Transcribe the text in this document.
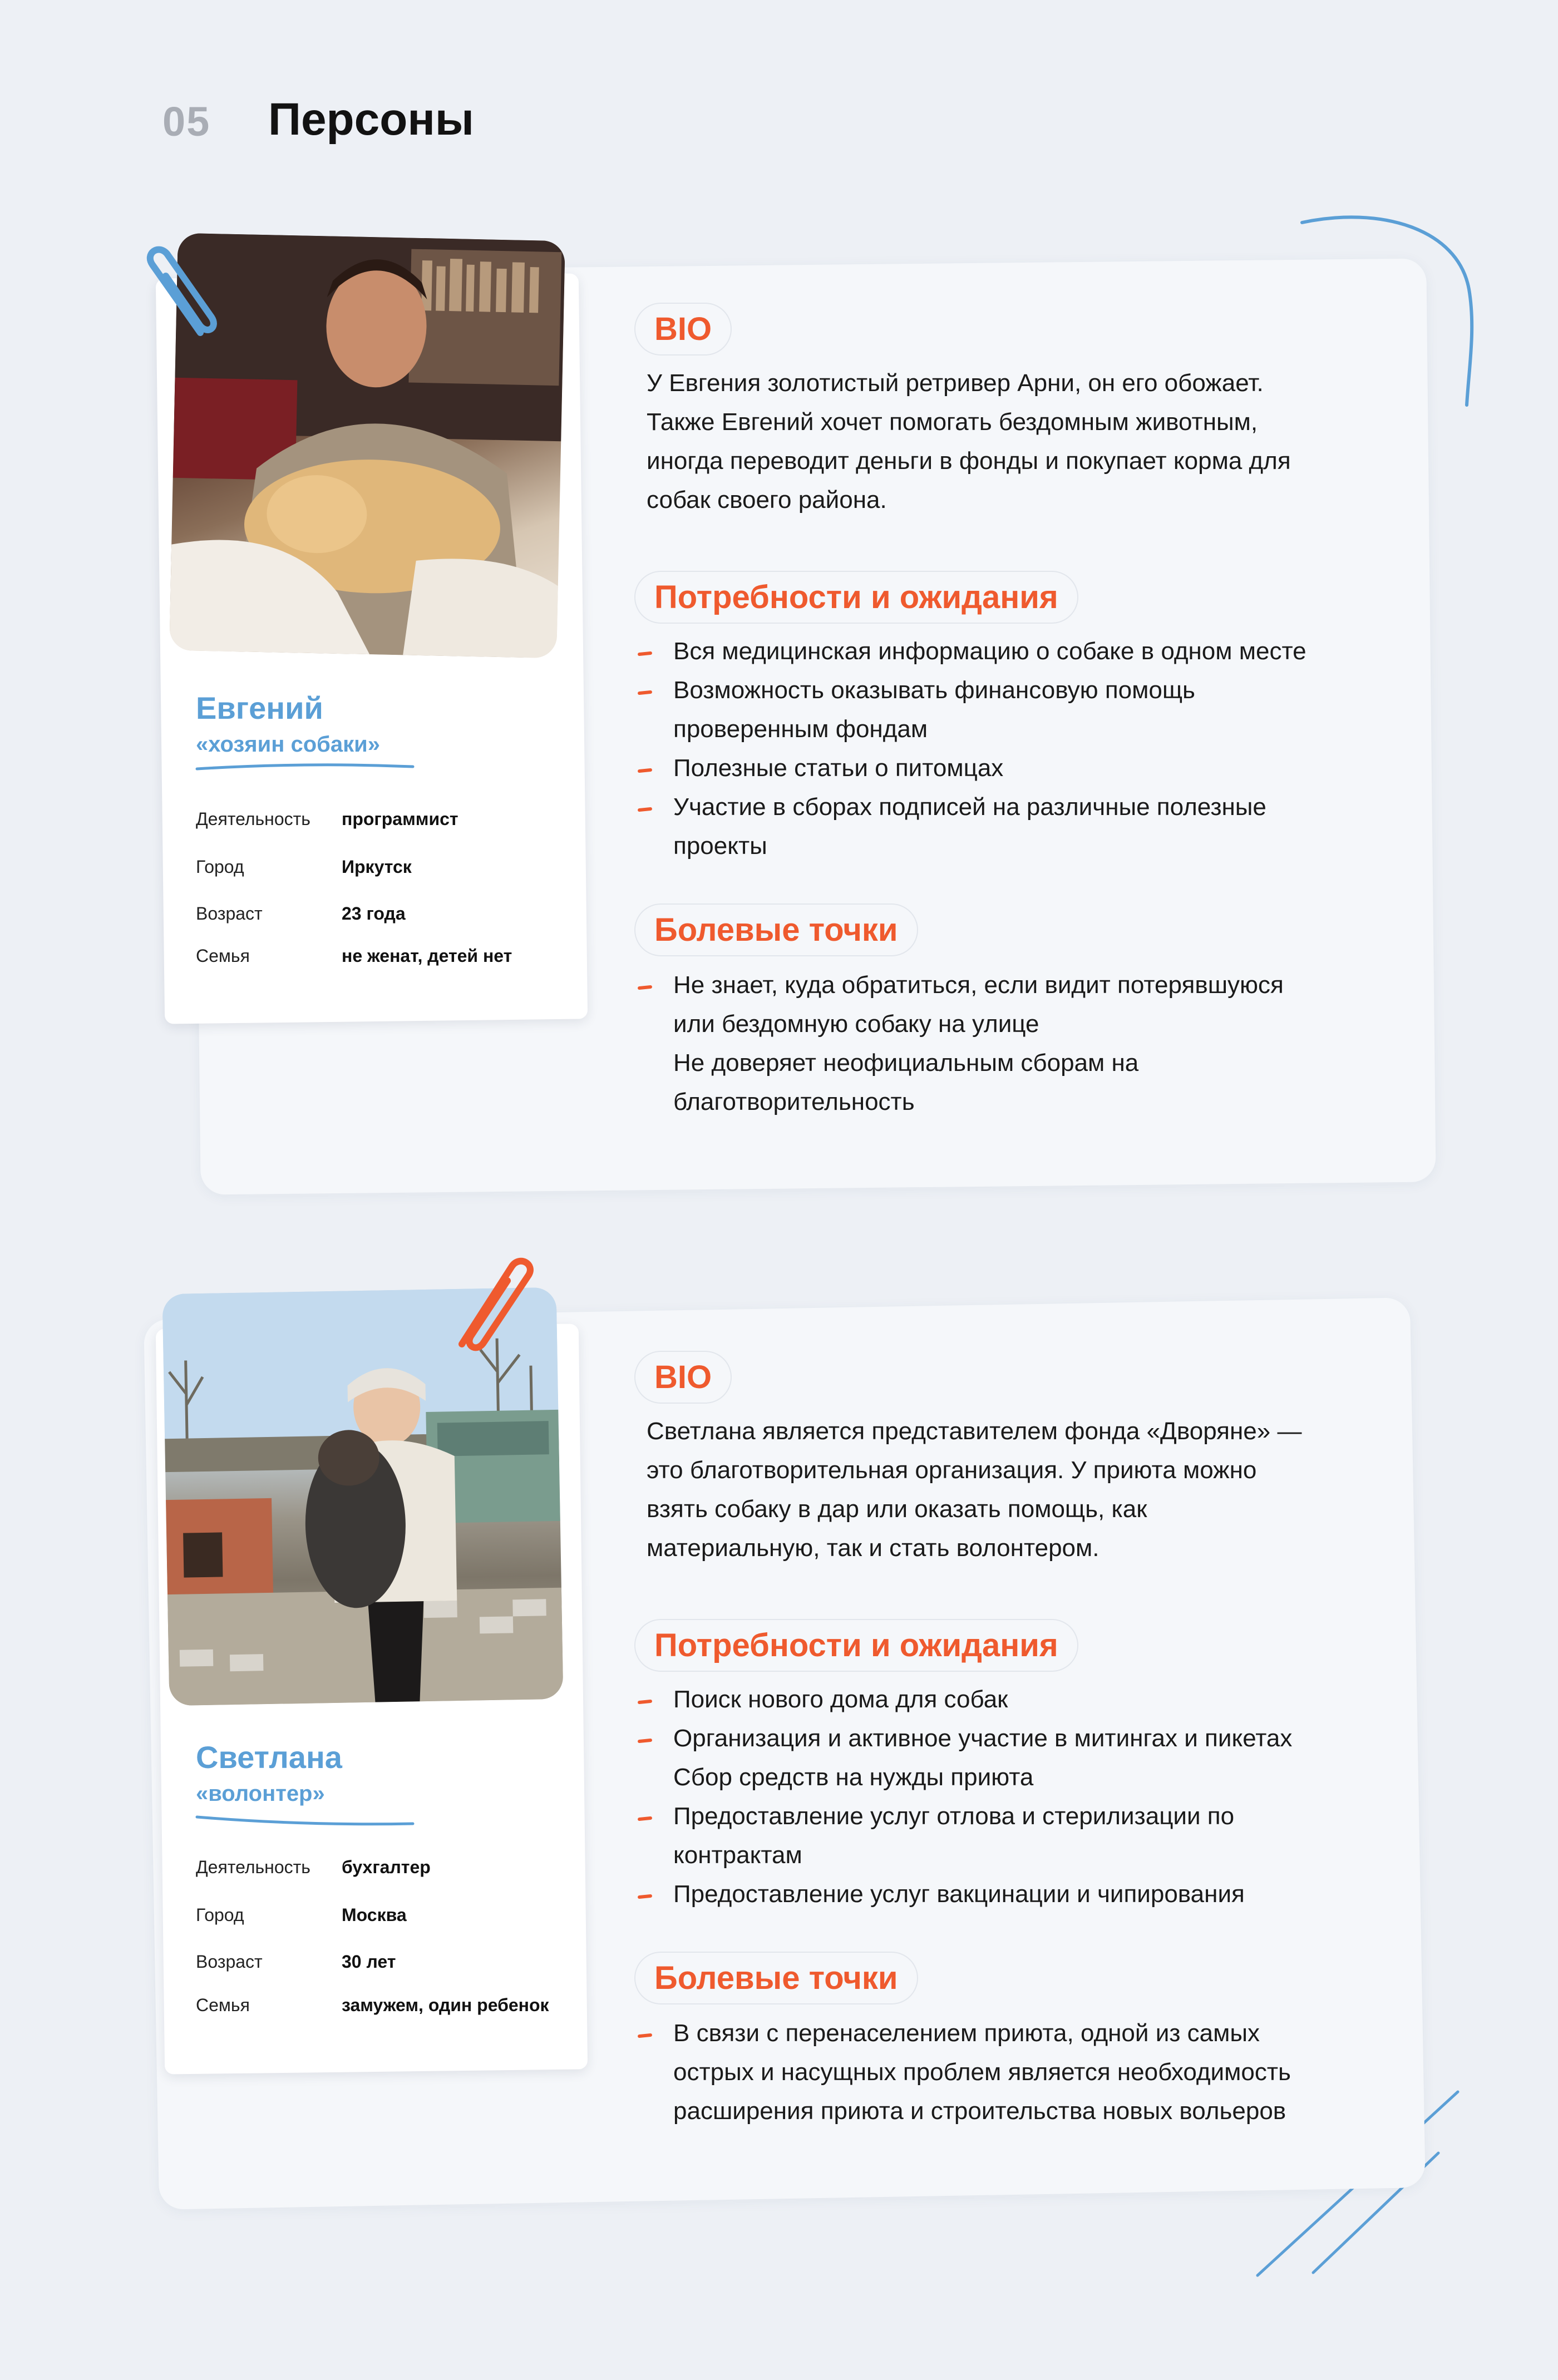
05 Персоны
Евгений
«хозяин собаки»
Деятельность программист
Город	Иркутск
Возраст	23 года
Семья	не женат, детей нет
BIO
У Евгения золотистый ретривер Арни, он его обожает.
Также Евгений хочет помогать бездомным животным,
иногда переводит деньги в фонды и покупает корма для
собак своего района.
Потребности и ожидания
Вся медицинская информацию о собаке в одном месте
Возможность оказывать финансовую помощь
проверенным фондам
Полезные статьи о питомцах
Участие в сборах подписей на различные полезные
проекты
Болевые точки
Не знает, куда обратиться, если видит потерявшуюся
или бездомную собаку на улице
Не доверяет неофициальным сборам на
благотворительность
Светлана
«волонтер»
Деятельность бухгалтер
Город	Москва
Возраст	30 лет
Семья	замужем, один ребенок
BIO
Светлана является представителем фонда «Дворяне» —
это благотворительная организация. У приюта можно
взять собаку в дар или оказать помощь, как
материальную, так и стать волонтером.
Потребности и ожидания
Поиск нового дома для собак
Организация и активное участие в митингах и пикетах
Сбор средств на нужды приюта
Предоставление услуг отлова и стерилизации по
контрактам
Предоставление услуг вакцинации и чипирования
Болевые точки
В связи с перенаселением приюта, одной из самых
острых и насущных проблем является необходимость
расширения приюта и строительства новых вольеров
